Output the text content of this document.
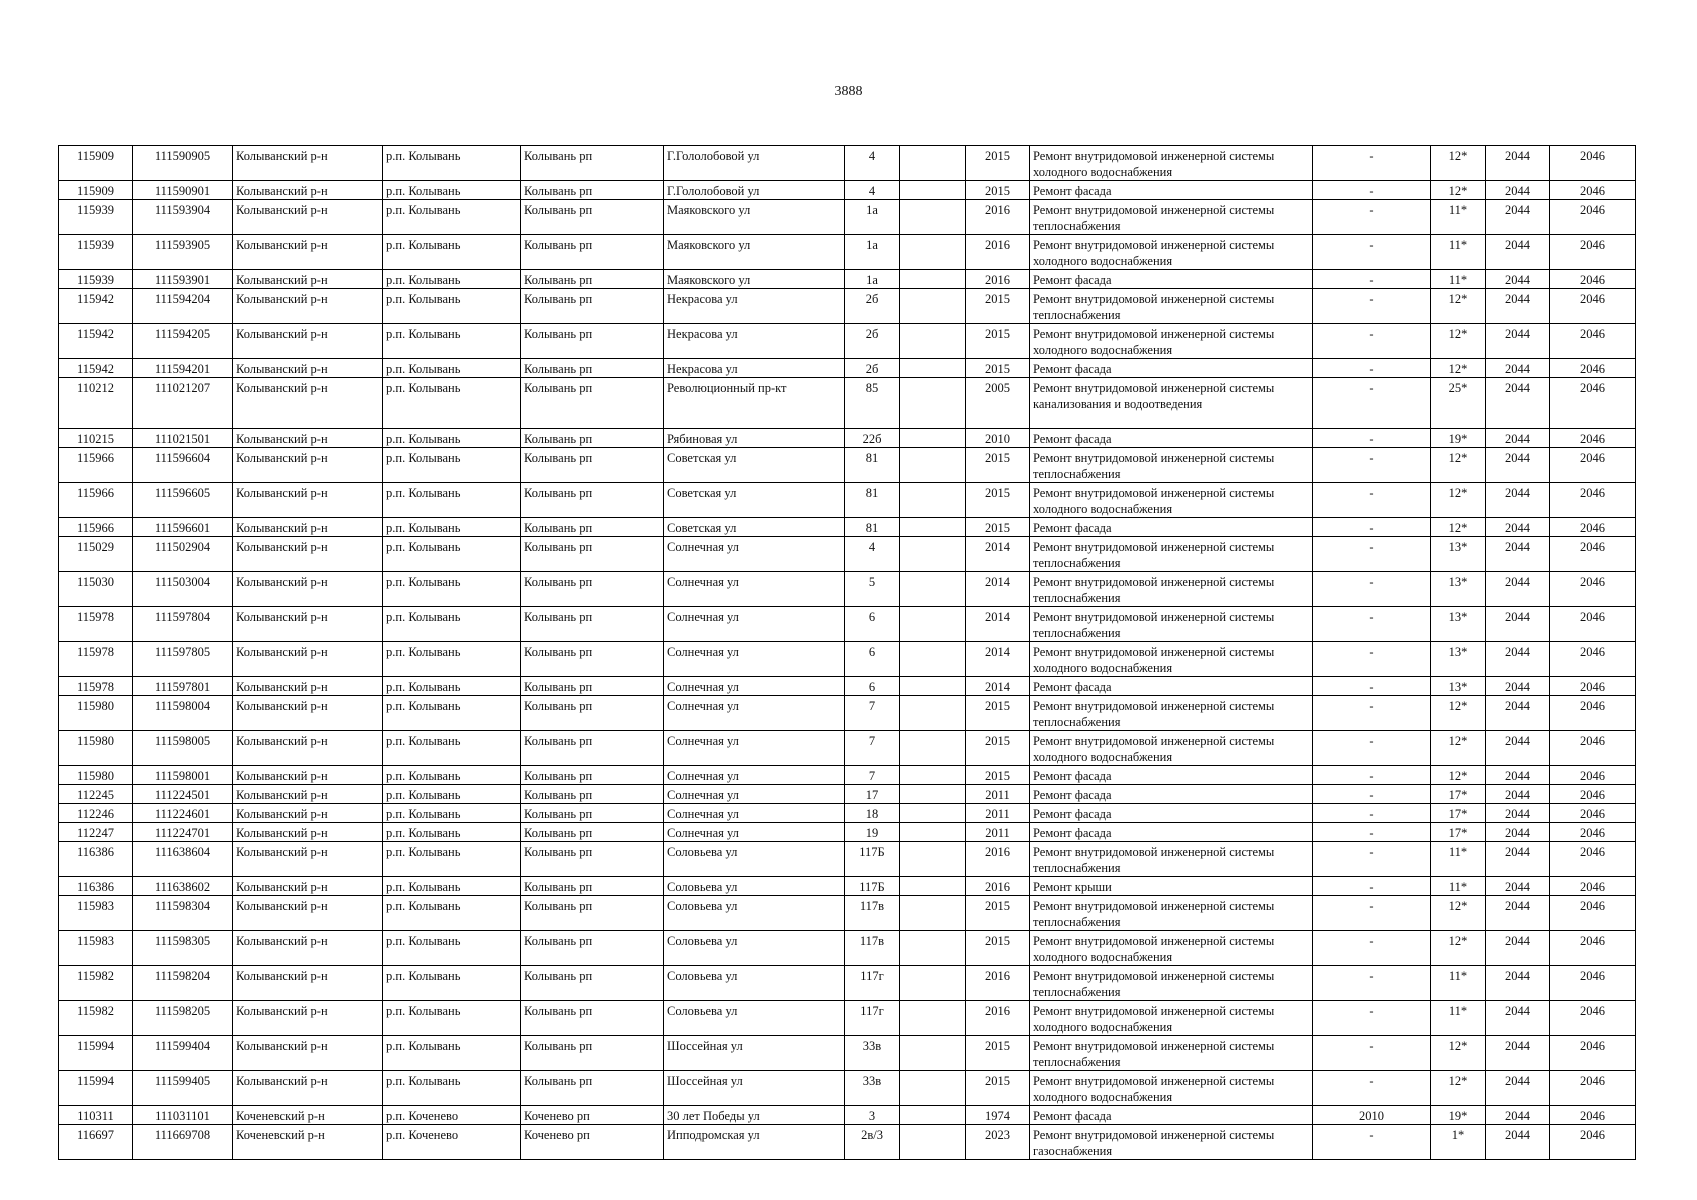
3888
115909	111590905	Колыванский р-н	р.п. Колывань	Колывань рп	Г.Гололобовой ул	4		2015	Ремонт внутридомовой инженерной системы холодного водоснабжения	-	12*	2044	2046
115909	111590901	Колыванский р-н	р.п. Колывань	Колывань рп	Г.Гололобовой ул	4		2015	Ремонт фасада	-	12*	2044	2046
115939	111593904	Колыванский р-н	р.п. Колывань	Колывань рп	Маяковского ул	1а		2016	Ремонт внутридомовой инженерной системы теплоснабжения	-	11*	2044	2046
115939	111593905	Колыванский р-н	р.п. Колывань	Колывань рп	Маяковского ул	1а		2016	Ремонт внутридомовой инженерной системы холодного водоснабжения	-	11*	2044	2046
115939	111593901	Колыванский р-н	р.п. Колывань	Колывань рп	Маяковского ул	1а		2016	Ремонт фасада	-	11*	2044	2046
115942	111594204	Колыванский р-н	р.п. Колывань	Колывань рп	Некрасова ул	2б		2015	Ремонт внутридомовой инженерной системы теплоснабжения	-	12*	2044	2046
115942	111594205	Колыванский р-н	р.п. Колывань	Колывань рп	Некрасова ул	2б		2015	Ремонт внутридомовой инженерной системы холодного водоснабжения	-	12*	2044	2046
115942	111594201	Колыванский р-н	р.п. Колывань	Колывань рп	Некрасова ул	2б		2015	Ремонт фасада	-	12*	2044	2046
110212	111021207	Колыванский р-н	р.п. Колывань	Колывань рп	Революционный пр-кт	85		2005	Ремонт внутридомовой инженерной системы канализования и водоотведения	-	25*	2044	2046
110215	111021501	Колыванский р-н	р.п. Колывань	Колывань рп	Рябиновая ул	22б		2010	Ремонт фасада	-	19*	2044	2046
115966	111596604	Колыванский р-н	р.п. Колывань	Колывань рп	Советская ул	81		2015	Ремонт внутридомовой инженерной системы теплоснабжения	-	12*	2044	2046
115966	111596605	Колыванский р-н	р.п. Колывань	Колывань рп	Советская ул	81		2015	Ремонт внутридомовой инженерной системы холодного водоснабжения	-	12*	2044	2046
115966	111596601	Колыванский р-н	р.п. Колывань	Колывань рп	Советская ул	81		2015	Ремонт фасада	-	12*	2044	2046
115029	111502904	Колыванский р-н	р.п. Колывань	Колывань рп	Солнечная ул	4		2014	Ремонт внутридомовой инженерной системы теплоснабжения	-	13*	2044	2046
115030	111503004	Колыванский р-н	р.п. Колывань	Колывань рп	Солнечная ул	5		2014	Ремонт внутридомовой инженерной системы теплоснабжения	-	13*	2044	2046
115978	111597804	Колыванский р-н	р.п. Колывань	Колывань рп	Солнечная ул	6		2014	Ремонт внутридомовой инженерной системы теплоснабжения	-	13*	2044	2046
115978	111597805	Колыванский р-н	р.п. Колывань	Колывань рп	Солнечная ул	6		2014	Ремонт внутридомовой инженерной системы холодного водоснабжения	-	13*	2044	2046
115978	111597801	Колыванский р-н	р.п. Колывань	Колывань рп	Солнечная ул	6		2014	Ремонт фасада	-	13*	2044	2046
115980	111598004	Колыванский р-н	р.п. Колывань	Колывань рп	Солнечная ул	7		2015	Ремонт внутридомовой инженерной системы теплоснабжения	-	12*	2044	2046
115980	111598005	Колыванский р-н	р.п. Колывань	Колывань рп	Солнечная ул	7		2015	Ремонт внутридомовой инженерной системы холодного водоснабжения	-	12*	2044	2046
115980	111598001	Колыванский р-н	р.п. Колывань	Колывань рп	Солнечная ул	7		2015	Ремонт фасада	-	12*	2044	2046
112245	111224501	Колыванский р-н	р.п. Колывань	Колывань рп	Солнечная ул	17		2011	Ремонт фасада	-	17*	2044	2046
112246	111224601	Колыванский р-н	р.п. Колывань	Колывань рп	Солнечная ул	18		2011	Ремонт фасада	-	17*	2044	2046
112247	111224701	Колыванский р-н	р.п. Колывань	Колывань рп	Солнечная ул	19		2011	Ремонт фасада	-	17*	2044	2046
116386	111638604	Колыванский р-н	р.п. Колывань	Колывань рп	Соловьева ул	117Б		2016	Ремонт внутридомовой инженерной системы теплоснабжения	-	11*	2044	2046
116386	111638602	Колыванский р-н	р.п. Колывань	Колывань рп	Соловьева ул	117Б		2016	Ремонт крыши	-	11*	2044	2046
115983	111598304	Колыванский р-н	р.п. Колывань	Колывань рп	Соловьева ул	117в		2015	Ремонт внутридомовой инженерной системы теплоснабжения	-	12*	2044	2046
115983	111598305	Колыванский р-н	р.п. Колывань	Колывань рп	Соловьева ул	117в		2015	Ремонт внутридомовой инженерной системы холодного водоснабжения	-	12*	2044	2046
115982	111598204	Колыванский р-н	р.п. Колывань	Колывань рп	Соловьева ул	117г		2016	Ремонт внутридомовой инженерной системы теплоснабжения	-	11*	2044	2046
115982	111598205	Колыванский р-н	р.п. Колывань	Колывань рп	Соловьева ул	117г		2016	Ремонт внутридомовой инженерной системы холодного водоснабжения	-	11*	2044	2046
115994	111599404	Колыванский р-н	р.п. Колывань	Колывань рп	Шоссейная ул	33в		2015	Ремонт внутридомовой инженерной системы теплоснабжения	-	12*	2044	2046
115994	111599405	Колыванский р-н	р.п. Колывань	Колывань рп	Шоссейная ул	33в		2015	Ремонт внутридомовой инженерной системы холодного водоснабжения	-	12*	2044	2046
110311	111031101	Коченевский р-н	р.п. Коченево	Коченево рп	30 лет Победы ул	3		1974	Ремонт фасада	2010	19*	2044	2046
116697	111669708	Коченевский р-н	р.п. Коченево	Коченево рп	Ипподромская ул	2в/3		2023	Ремонт внутридомовой инженерной системы газоснабжения	-	1*	2044	2046
